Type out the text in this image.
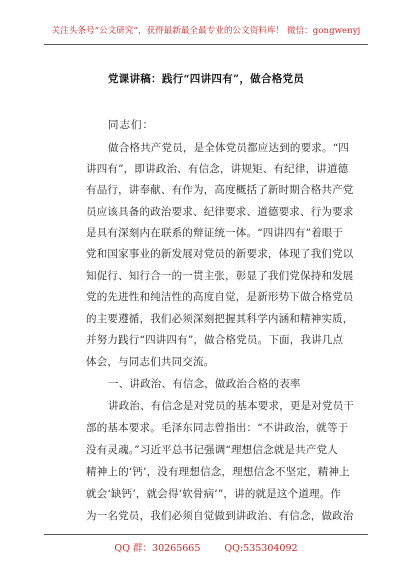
关注头条号“公文研究”，获得最新最全最专业的公文资料库！ 微信：gongwenyj
党课讲稿：践行“四讲四有”，做合格党员
同志们：
做合格共产党员，是全体党员都应达到的要求。“四
讲四有”，即讲政治、有信念，讲规矩、有纪律，讲道德
有品行，讲奉献、有作为，高度概括了新时期合格共产党
员应该具备的政治要求、纪律要求、道德要求、行为要求
是具有深刻内在联系的辩证统一体。“四讲四有”着眼于
党和国家事业的新发展对党员的新要求，体现了我们党以
知促行、知行合一的一贯主张，彰显了我们党保持和发展
党的先进性和纯洁性的高度自觉，是新形势下做合格党员
的主要遵循，我们必须深刻把握其科学内涵和精神实质，
并努力践行“四讲四有”，做合格党员。下面，我讲几点
体会，与同志们共同交流。
一、讲政治、有信念，做政治合格的表率
讲政治、有信念是对党员的基本要求，更是对党员干
部的基本要求。毛泽东同志曾指出：“不讲政治，就等于
没有灵魂。”习近平总书记强调“理想信念就是共产党人
精神上的‘钙’，没有理想信念，理想信念不坚定，精神上
就会‘缺钙’，就会得‘软骨病’”，讲的就是这个道理。作
为一名党员，我们必须自觉做到讲政治、有信念，做政治
QQ 群：30265665	QQ:535304092
